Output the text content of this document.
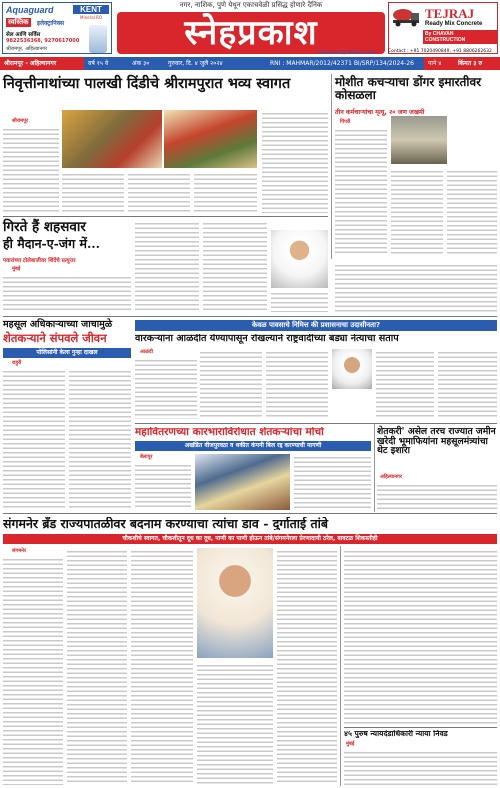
Aquaguard	KENT
Mineral RO
स्वस्तिक	इलेक्ट्रानिक्स
सेल आणि सर्विस
9822536368, 9270617000
श्रीरामपूर, अहिल्यानगर
नगर, नाशिक, पुणे येथून एकाचवेळी प्रसिद्ध होणारे दैनिक
स्नेहप्रकाश www.snehprakash.com
TEJRAJ
Ready Mix Concrete
By CHAVAN CONSTRUCTION
Contact : +91 7020490849, +91 8806262632
श्रीरामपूर - अहिल्यानगर	वर्ष १५ वे	अंक ३०	गुरुवार, दि. ४ जुलै २०२४	RNI : MAHMAR/2012/42371 BI/SRP/134/2024-26	पाने ४	किंमत ३ रु
निवृत्तीनाथांच्या पालखी दिंडीचे श्रीरामपुरात भव्य स्वागत
श्रीरामपूर
मोशीत कचऱ्याचा डोंगर इमारतीवर कोसळला
तीन कर्मचाऱ्यांचा मृत्यू, २० जण जखमी
पिंपरी
गिरते हैं शहसवार
ही मैदान-ए-जंग में...
पवारांच्या टोलेबाजीवर शिंदेंचे प्रत्युत्तर
मुंबई
महसूल अधिकाऱ्याच्या जाचामुळे
शेतकऱ्याने संपवले जीवन
पोलिसांनी केला गुन्हा दाखल
राहुरी
केवळ पावसाचे निमित्त की प्रशासनाचा उदासीनता?
वारकऱ्यांना आळंदीत येण्यापासून रोखल्याने राष्ट्रवादीच्या बड्या नेत्याचा संताप
आळंदी
महावितरणच्या कारभाराविरोधात शेतकऱ्यांचा मोर्चा
अखंडित वीजपुरवठा व थकीत कंपनी बिल रद्द करण्याची मागणी
बेलापूर
शेतकरी' असेल तरच राज्यात जमीन खरेदी भूमाफियांना महसूलमंत्र्यांचा थेट इशारा
अहिल्यानगर
संगमनेर ब्रँड राज्यपातळीवर बदनाम करण्याचा त्यांचा डाव - दुर्गाताई तांबे
चौकशीचे स्वागत, चौकशीतून दूध का दूध, पाणी का पाणी होऊन तांबे/संगमनेरला प्रेरणादायी ठरेल, वावटळ शिकस्तीही
संगमनेर
४५ पुरुष न्यायदंडाधिकारी न्याया निवड
मुंबई
